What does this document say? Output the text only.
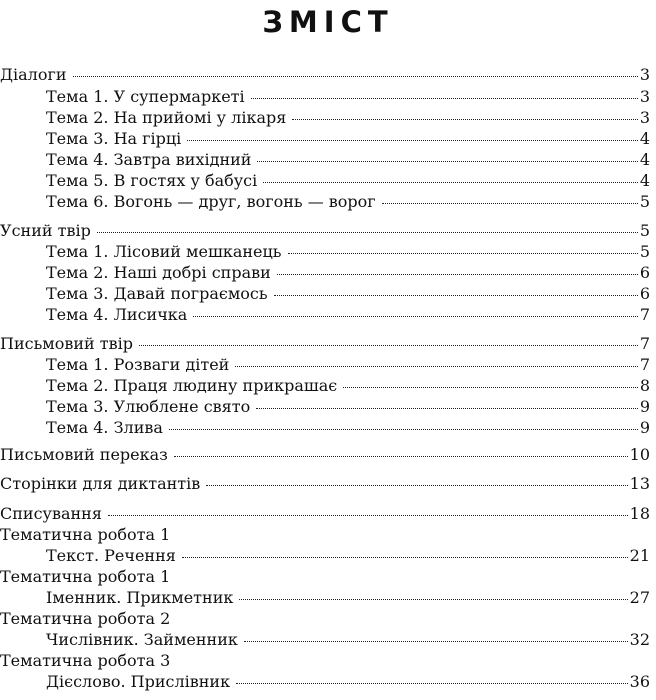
ЗМІСТ
Діалоги	3
Тема 1. У супермаркеті	3
Тема 2. На прийомі у лікаря	3
Тема 3. На гірці	4
Тема 4. Завтра вихідний	4
Тема 5. В гостях у бабусі	4
Тема 6. Вогонь — друг, вогонь — ворог	5
Усний твір	5
Тема 1. Лісовий мешканець	5
Тема 2. Наші добрі справи	6
Тема 3. Давай пограємось	6
Тема 4. Лисичка	7
Письмовий твір	7
Тема 1. Розваги дітей	7
Тема 2. Праця людину прикрашає	8
Тема 3. Улюблене свято	9
Тема 4. Злива	9
Письмовий переказ	10
Сторінки для диктантів	13
Списування	18
Тематична робота 1
Текст. Речення	21
Тематична робота 1
Іменник. Прикметник	27
Тематична робота 2
Числівник. Займенник	32
Тематична робота 3
Дієслово. Прислівник	36
